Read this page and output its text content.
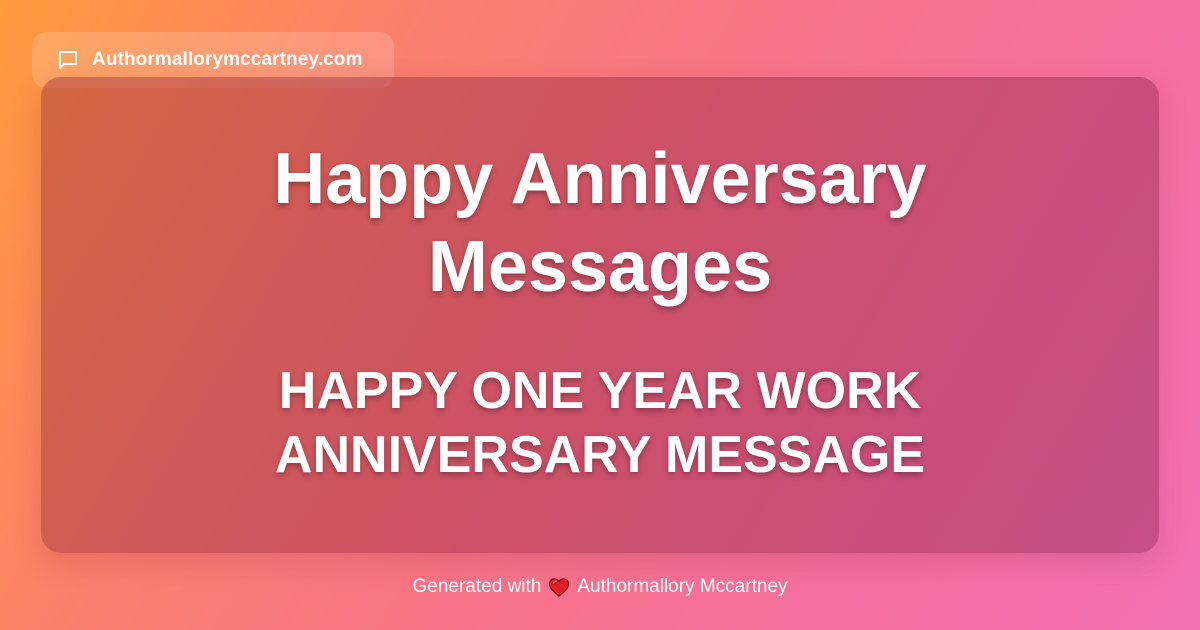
Authormallorymccartney.com
Happy Anniversary
Messages
HAPPY ONE YEAR WORK
ANNIVERSARY MESSAGE
Generated with Authormallory Mccartney
